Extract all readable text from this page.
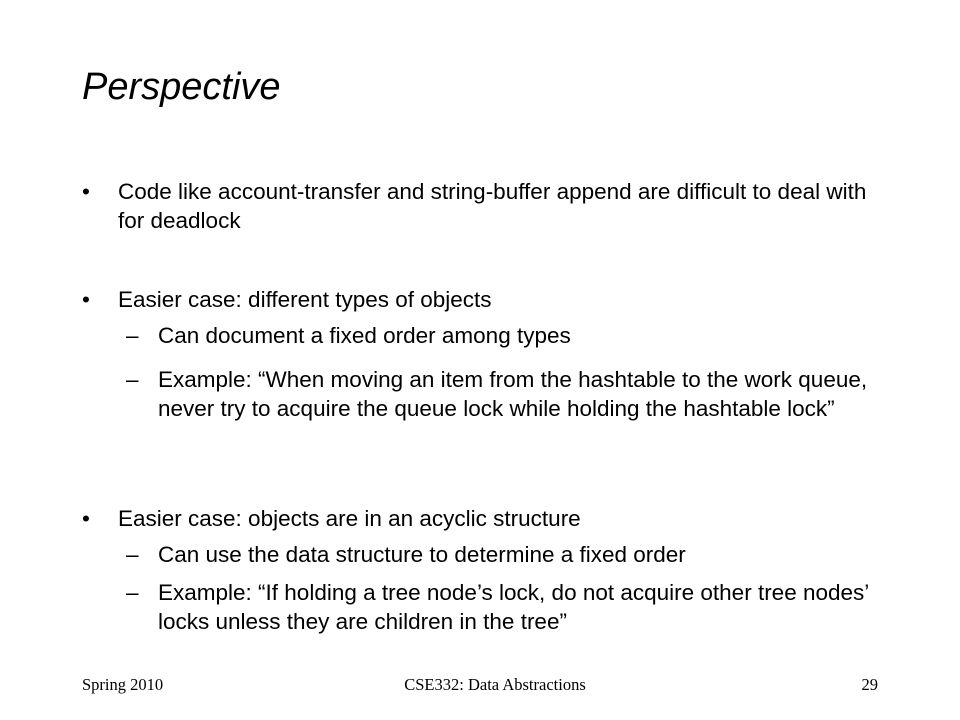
Perspective
• Code like account-transfer and string-buffer append are difficult to deal with for deadlock
• Easier case: different types of objects
– Can document a fixed order among types
– Example: “When moving an item from the hashtable to the work queue, never try to acquire the queue lock while holding the hashtable lock”
• Easier case: objects are in an acyclic structure
– Can use the data structure to determine a fixed order
– Example: “If holding a tree node’s lock, do not acquire other tree nodes’ locks unless they are children in the tree”
Spring 2010	CSE332: Data Abstractions	29
